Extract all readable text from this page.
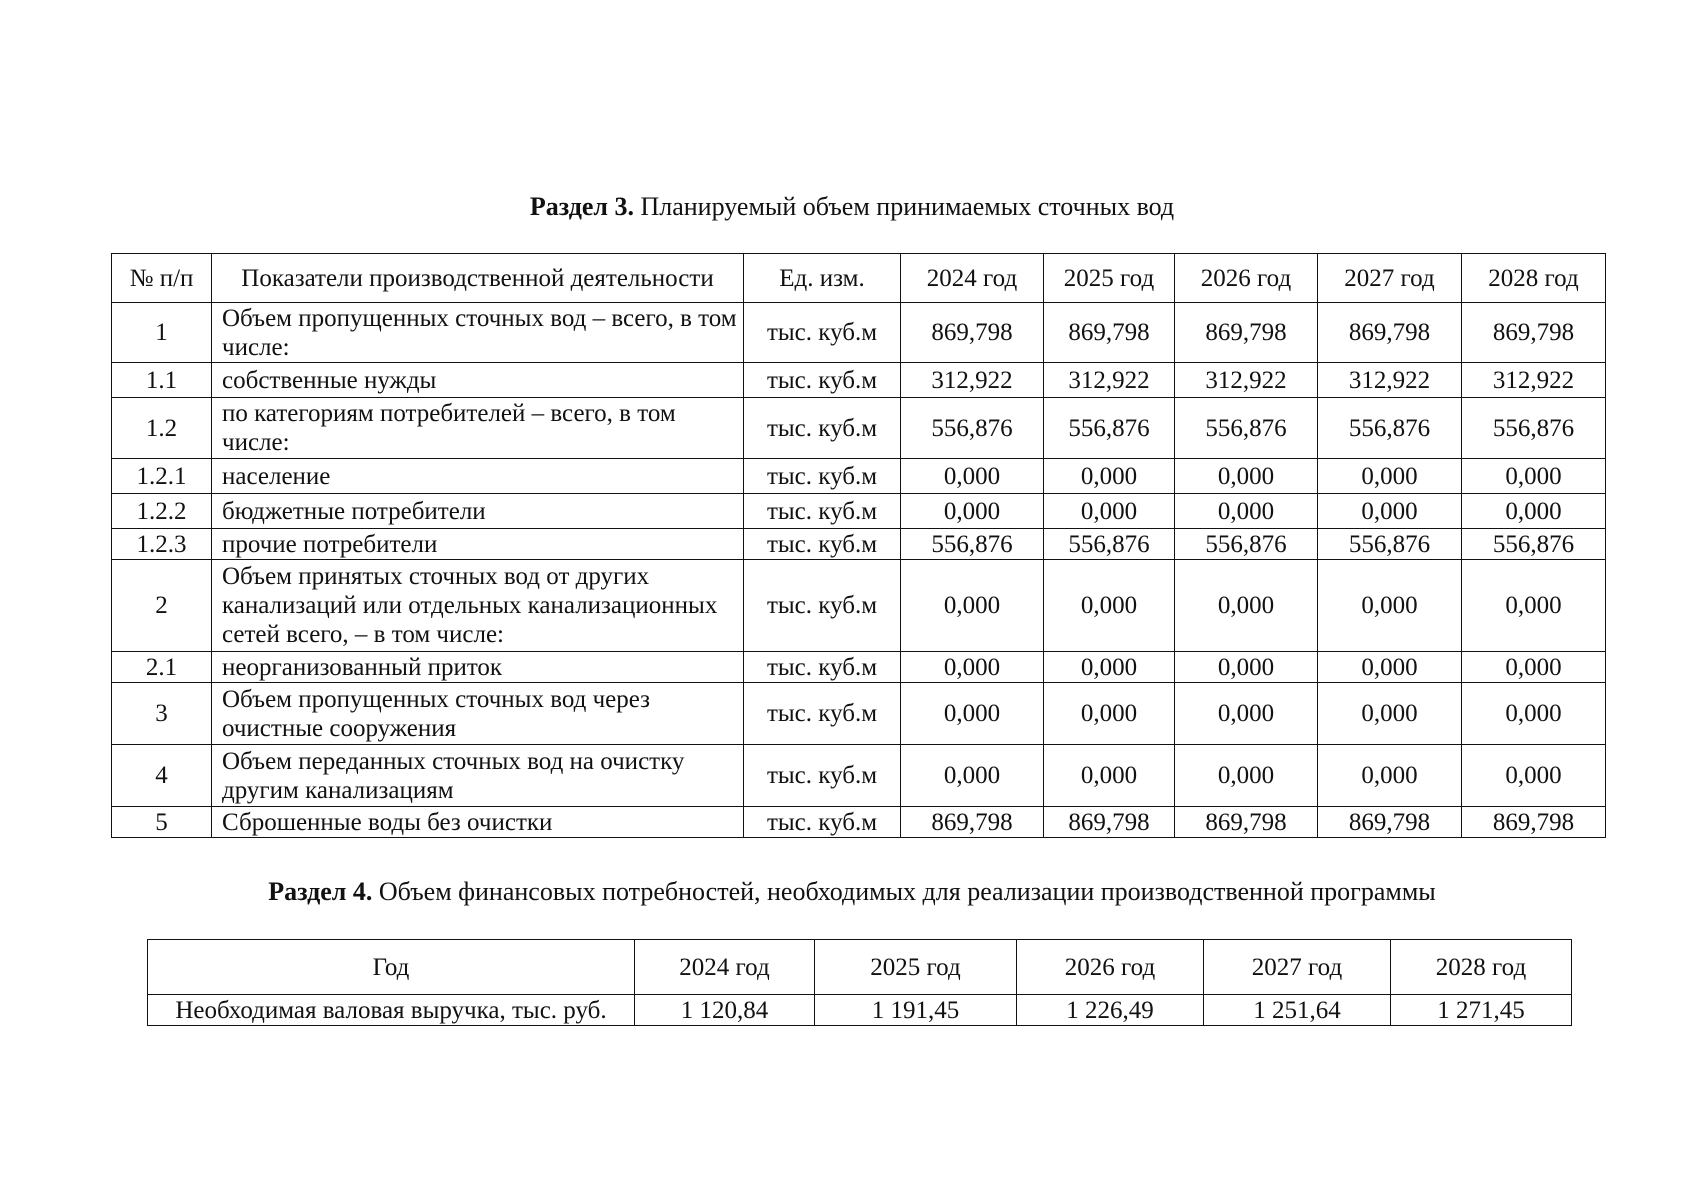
Раздел 3. Планируемый объем принимаемых сточных вод
№ п/п	Показатели производственной деятельности	Ед. изм.	2024 год	2025 год	2026 год	2027 год	2028 год
1	Объем пропущенных сточных вод – всего, в том числе:	тыс. куб.м	869,798	869,798	869,798	869,798	869,798
1.1	собственные нужды	тыс. куб.м	312,922	312,922	312,922	312,922	312,922
1.2	по категориям потребителей – всего, в том числе:	тыс. куб.м	556,876	556,876	556,876	556,876	556,876
1.2.1	население	тыс. куб.м	0,000	0,000	0,000	0,000	0,000
1.2.2	бюджетные потребители	тыс. куб.м	0,000	0,000	0,000	0,000	0,000
1.2.3	прочие потребители	тыс. куб.м	556,876	556,876	556,876	556,876	556,876
2	Объем принятых сточных вод от других канализаций или отдельных канализационных сетей всего, – в том числе:	тыс. куб.м	0,000	0,000	0,000	0,000	0,000
2.1	неорганизованный приток	тыс. куб.м	0,000	0,000	0,000	0,000	0,000
3	Объем пропущенных сточных вод через очистные сооружения	тыс. куб.м	0,000	0,000	0,000	0,000	0,000
4	Объем переданных сточных вод на очистку другим канализациям	тыс. куб.м	0,000	0,000	0,000	0,000	0,000
5	Сброшенные воды без очистки	тыс. куб.м	869,798	869,798	869,798	869,798	869,798
Раздел 4. Объем финансовых потребностей, необходимых для реализации производственной программы
Год	2024 год	2025 год	2026 год	2027 год	2028 год
Необходимая валовая выручка, тыс. руб.	1 120,84	1 191,45	1 226,49	1 251,64	1 271,45
